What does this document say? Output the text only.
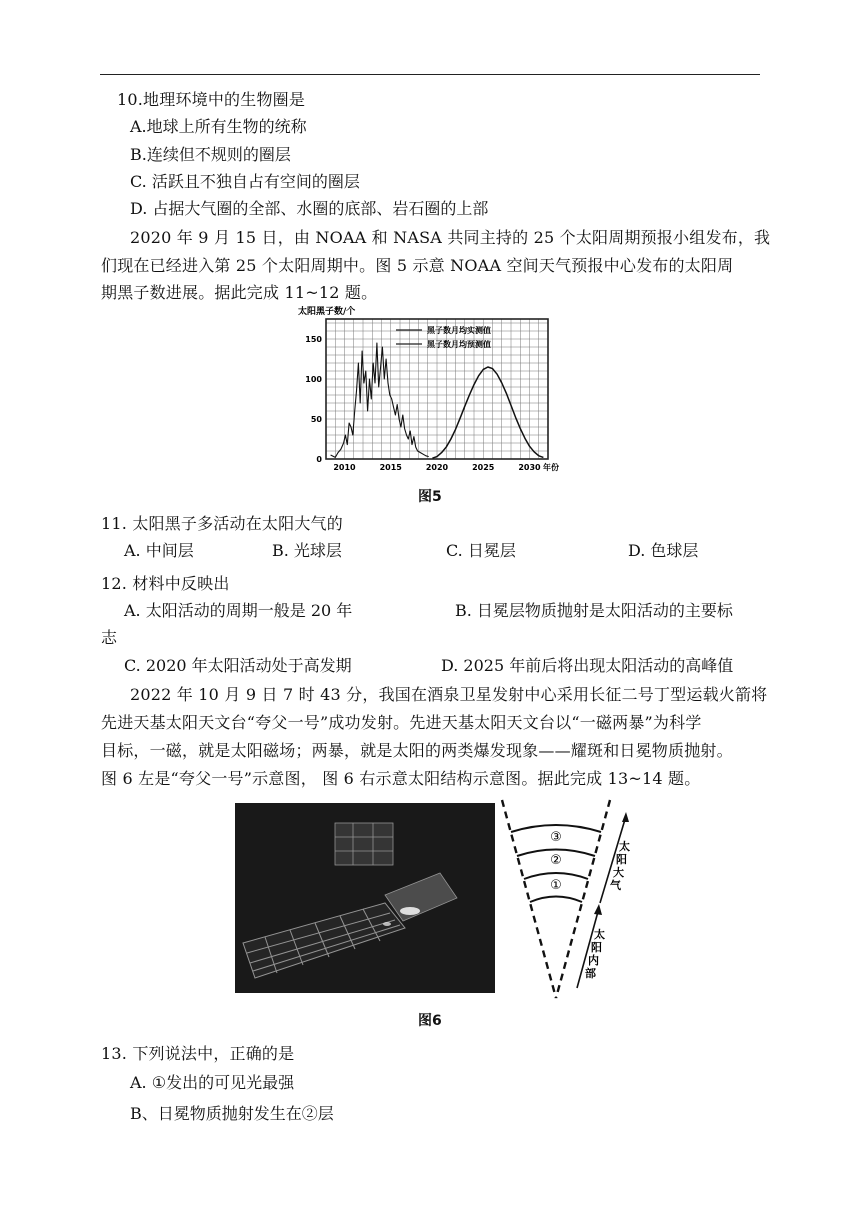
10.地理环境中的生物圈是
A.地球上所有生物的统称
B.连续但不规则的圈层
C. 活跃且不独自占有空间的圈层
D. 占据大气圈的全部、水圈的底部、岩石圈的上部
2020 年 9 月 15 日，由 NOAA 和 NASA 共同主持的 25 个太阳周期预报小组发布，我
们现在已经进入第 25 个太阳周期中。图 5 示意 NOAA 空间天气预报中心发布的太阳周
期黑子数进展。据此完成 11~12 题。
太阳黑子数/个
黑子数月均实测值
黑子数月均预测值
2010	2015	2020	2025	2030
0
50
100
150
年份
图5
11. 太阳黑子多活动在太阳大气的
A. 中间层	B. 光球层	C. 日冕层	D. 色球层
12. 材料中反映出
A. 太阳活动的周期一般是 20 年	B. 日冕层物质抛射是太阳活动的主要标
志
C. 2020 年太阳活动处于高发期	D. 2025 年前后将出现太阳活动的高峰值
2022 年 10 月 9 日 7 时 43 分，我国在酒泉卫星发射中心采用长征二号丁型运载火箭将
先进天基太阳天文台“夸父一号”成功发射。先进天基太阳天文台以“一磁两暴”为科学
目标，一磁，就是太阳磁场；两暴，就是太阳的两类爆发现象——耀斑和日冕物质抛射。
图 6 左是“夸父一号”示意图， 图 6 右示意太阳结构示意图。据此完成 13~14 题。
③
②
①
太阳大气
太阳内部
图6
13. 下列说法中，正确的是
A. ①发出的可见光最强
B、日冕物质抛射发生在②层
